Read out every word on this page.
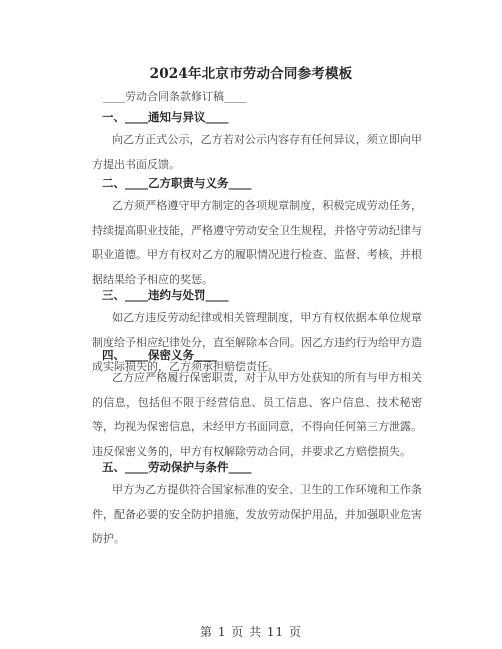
2024年北京市劳动合同参考模板
____劳动合同条款修订稿____
一、____通知与异议____

向乙方正式公示，乙方若对公示内容存有任何异议，须立即向甲方提出书面反馈。

二、____乙方职责与义务____

乙方须严格遵守甲方制定的各项规章制度，积极完成劳动任务，持续提高职业技能，严格遵守劳动安全卫生规程，并恪守劳动纪律与职业道德。甲方有权对乙方的履职情况进行检查、监督、考核，并根据结果给予相应的奖惩。

三、____违约与处罚____

如乙方违反劳动纪律或相关管理制度，甲方有权依据本单位规章制度给予相应纪律处分，直至解除本合同。因乙方违约行为给甲方造成实际损失的，乙方须承担赔偿责任。

四、____保密义务____

乙方应严格履行保密职责，对于从甲方处获知的所有与甲方相关的信息，包括但不限于经营信息、员工信息、客户信息、技术秘密等，均视为保密信息，未经甲方书面同意，不得向任何第三方泄露。违反保密义务的，甲方有权解除劳动合同，并要求乙方赔偿损失。

五、____劳动保护与条件____

甲方为乙方提供符合国家标准的安全、卫生的工作环境和工作条件，配备必要的安全防护措施，发放劳动保护用品，并加强职业危害防护。

第 1 页 共 11 页
